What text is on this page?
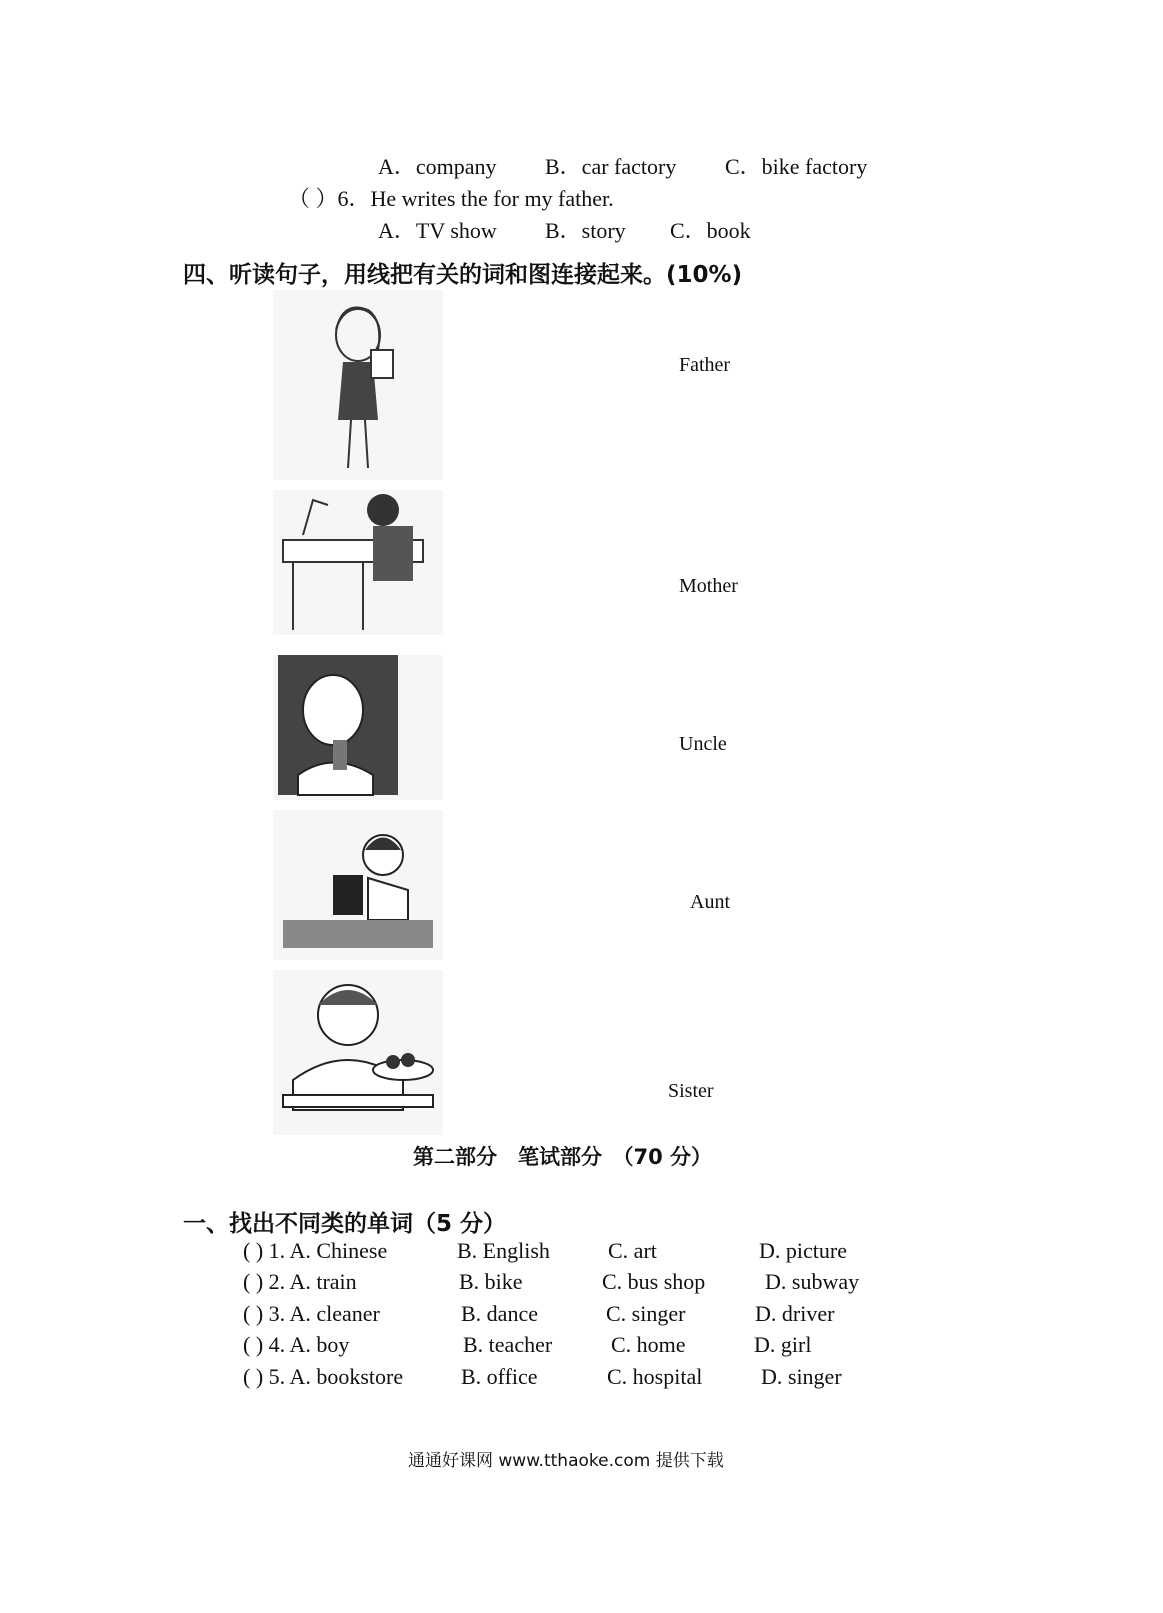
A．company B．car factory C．bike factory
（ ）6．He writes the for my father.
A．TV show B．story C．book
四、听读句子，用线把有关的词和图连接起来。(10%)
Father
Mother
Uncle
Aunt
Sister
第二部分　笔试部分　（70 分）
一、找出不同类的单词（5 分）
( ) 1. A. Chinese	B. English	C. art	D. picture
( ) 2. A. train	B. bike	C. bus shop	D. subway
( ) 3. A. cleaner	B. dance	C. singer	D. driver
( ) 4. A. boy	B. teacher	C. home	D. girl
( ) 5. A. bookstore	B. office	C. hospital	D. singer
通通好课网 www.tthaoke.com 提供下载
